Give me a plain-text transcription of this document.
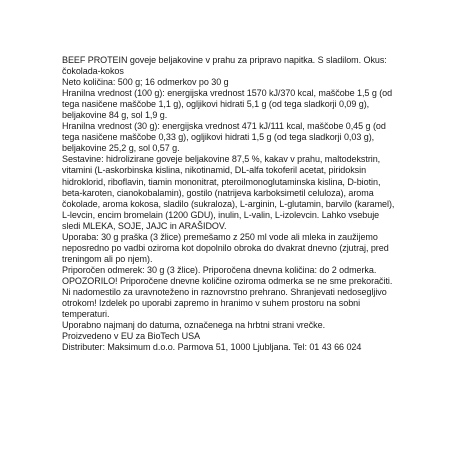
BEEF PROTEIN goveje beljakovine v prahu za pripravo napitka. S sladilom. Okus: čokolada-kokos

Neto količina: 500 g; 16 odmerkov po 30 g

Hranilna vrednost (100 g): energijska vrednost 1570 kJ/370 kcal, maščobe 1,5 g (od tega nasičene maščobe 1,1 g), ogljikovi hidrati 5,1 g (od tega sladkorji 0,09 g), beljakovine 84 g, sol 1,9 g.

Hranilna vrednost (30 g): energijska vrednost 471 kJ/111 kcal, maščobe 0,45 g (od tega nasičene maščobe 0,33 g), ogljikovi hidrati 1,5 g (od tega sladkorji 0,03 g), beljakovine 25,2 g, sol 0,57 g.

Sestavine: hidrolizirane goveje beljakovine 87,5 %, kakav v prahu, maltodekstrin, vitamini (L-askorbinska kislina, nikotinamid, DL-alfa tokoferil acetat, piridoksin hidroklorid, riboflavin, tiamin mononitrat, pteroilmonoglutaminska kislina, D-biotin, beta-karoten, cianokobalamin), gostilo (natrijeva karboksimetil celuloza), aroma čokolade, aroma kokosa, sladilo (sukraloza), L-arginin, L-glutamin, barvilo (karamel), L-levcin, encim bromelain (1200 GDU), inulin, L-valin, L-izolevcin. Lahko vsebuje sledi MLEKA, SOJE, JAJC in ARAŠIDOV.

Uporaba: 30 g praška (3 žlice) premešamo z 250 ml vode ali mleka in zaužijemo neposredno po vadbi oziroma kot dopolnilo obroka do dvakrat dnevno (zjutraj, pred treningom ali po njem).

Priporočen odmerek: 30 g (3 žlice). Priporočena dnevna količina: do 2 odmerka.

OPOZORILO! Priporočene dnevne količine oziroma odmerka se ne sme prekoračiti. Ni nadomestilo za uravnoteženo in raznovrstno prehrano. Shranjevati nedosegljivo otrokom! Izdelek po uporabi zapremo in hranimo v suhem prostoru na sobni temperaturi.

Uporabno najmanj do datuma, označenega na hrbtni strani vrečke.

Proizvedeno v EU za BioTech USA

Distributer: Maksimum d.o.o. Parmova 51, 1000 Ljubljana. Tel: 01 43 66 024
